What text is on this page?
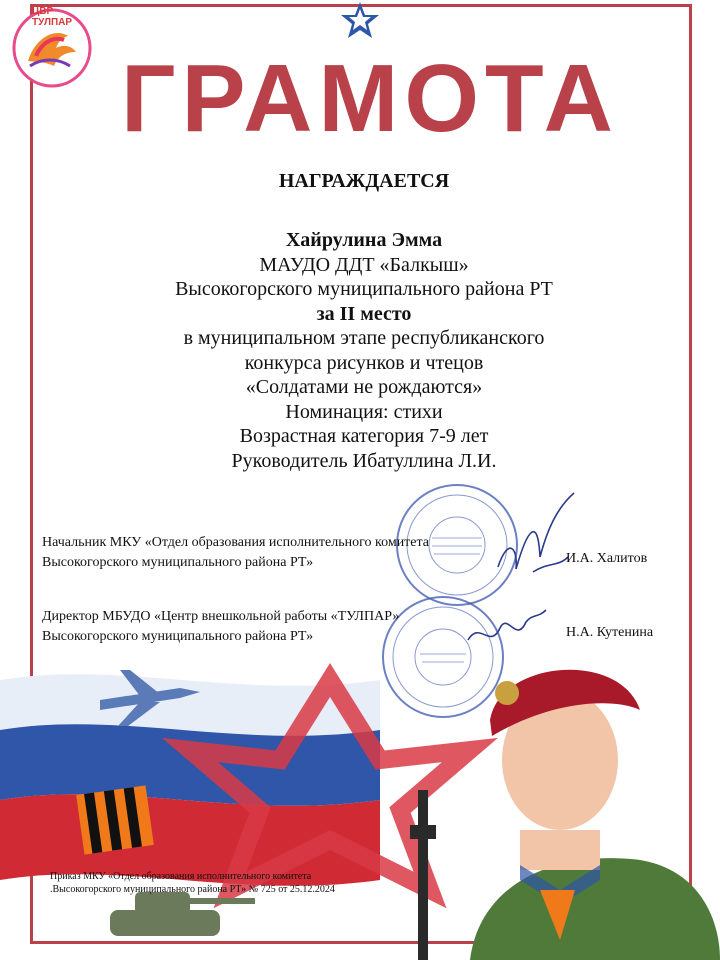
ЦВР ТУЛПАР
ГРАМОТА
НАГРАЖДАЕТСЯ
Хайрулина Эмма
МАУДО ДДТ «Балкыш»
Высокогорского муниципального района РТ
за II место
в муниципальном этапе республиканского
конкурса рисунков и чтецов
«Солдатами не рождаются»
Номинация: стихи
Возрастная категория 7-9 лет
Руководитель Ибатуллина Л.И.
Начальник МКУ «Отдел образования исполнительного комитета
Высокогорского муниципального района РТ»	И.А. Халитов
Директор МБУДО «Центр внешкольной работы «ТУЛПАР»
Высокогорского муниципального района РТ»	Н.А. Кутенина
Приказ МКУ «Отдел образования исполнительного комитета
.Высокогорского муниципального района РТ» № 725 от 25.12.2024
